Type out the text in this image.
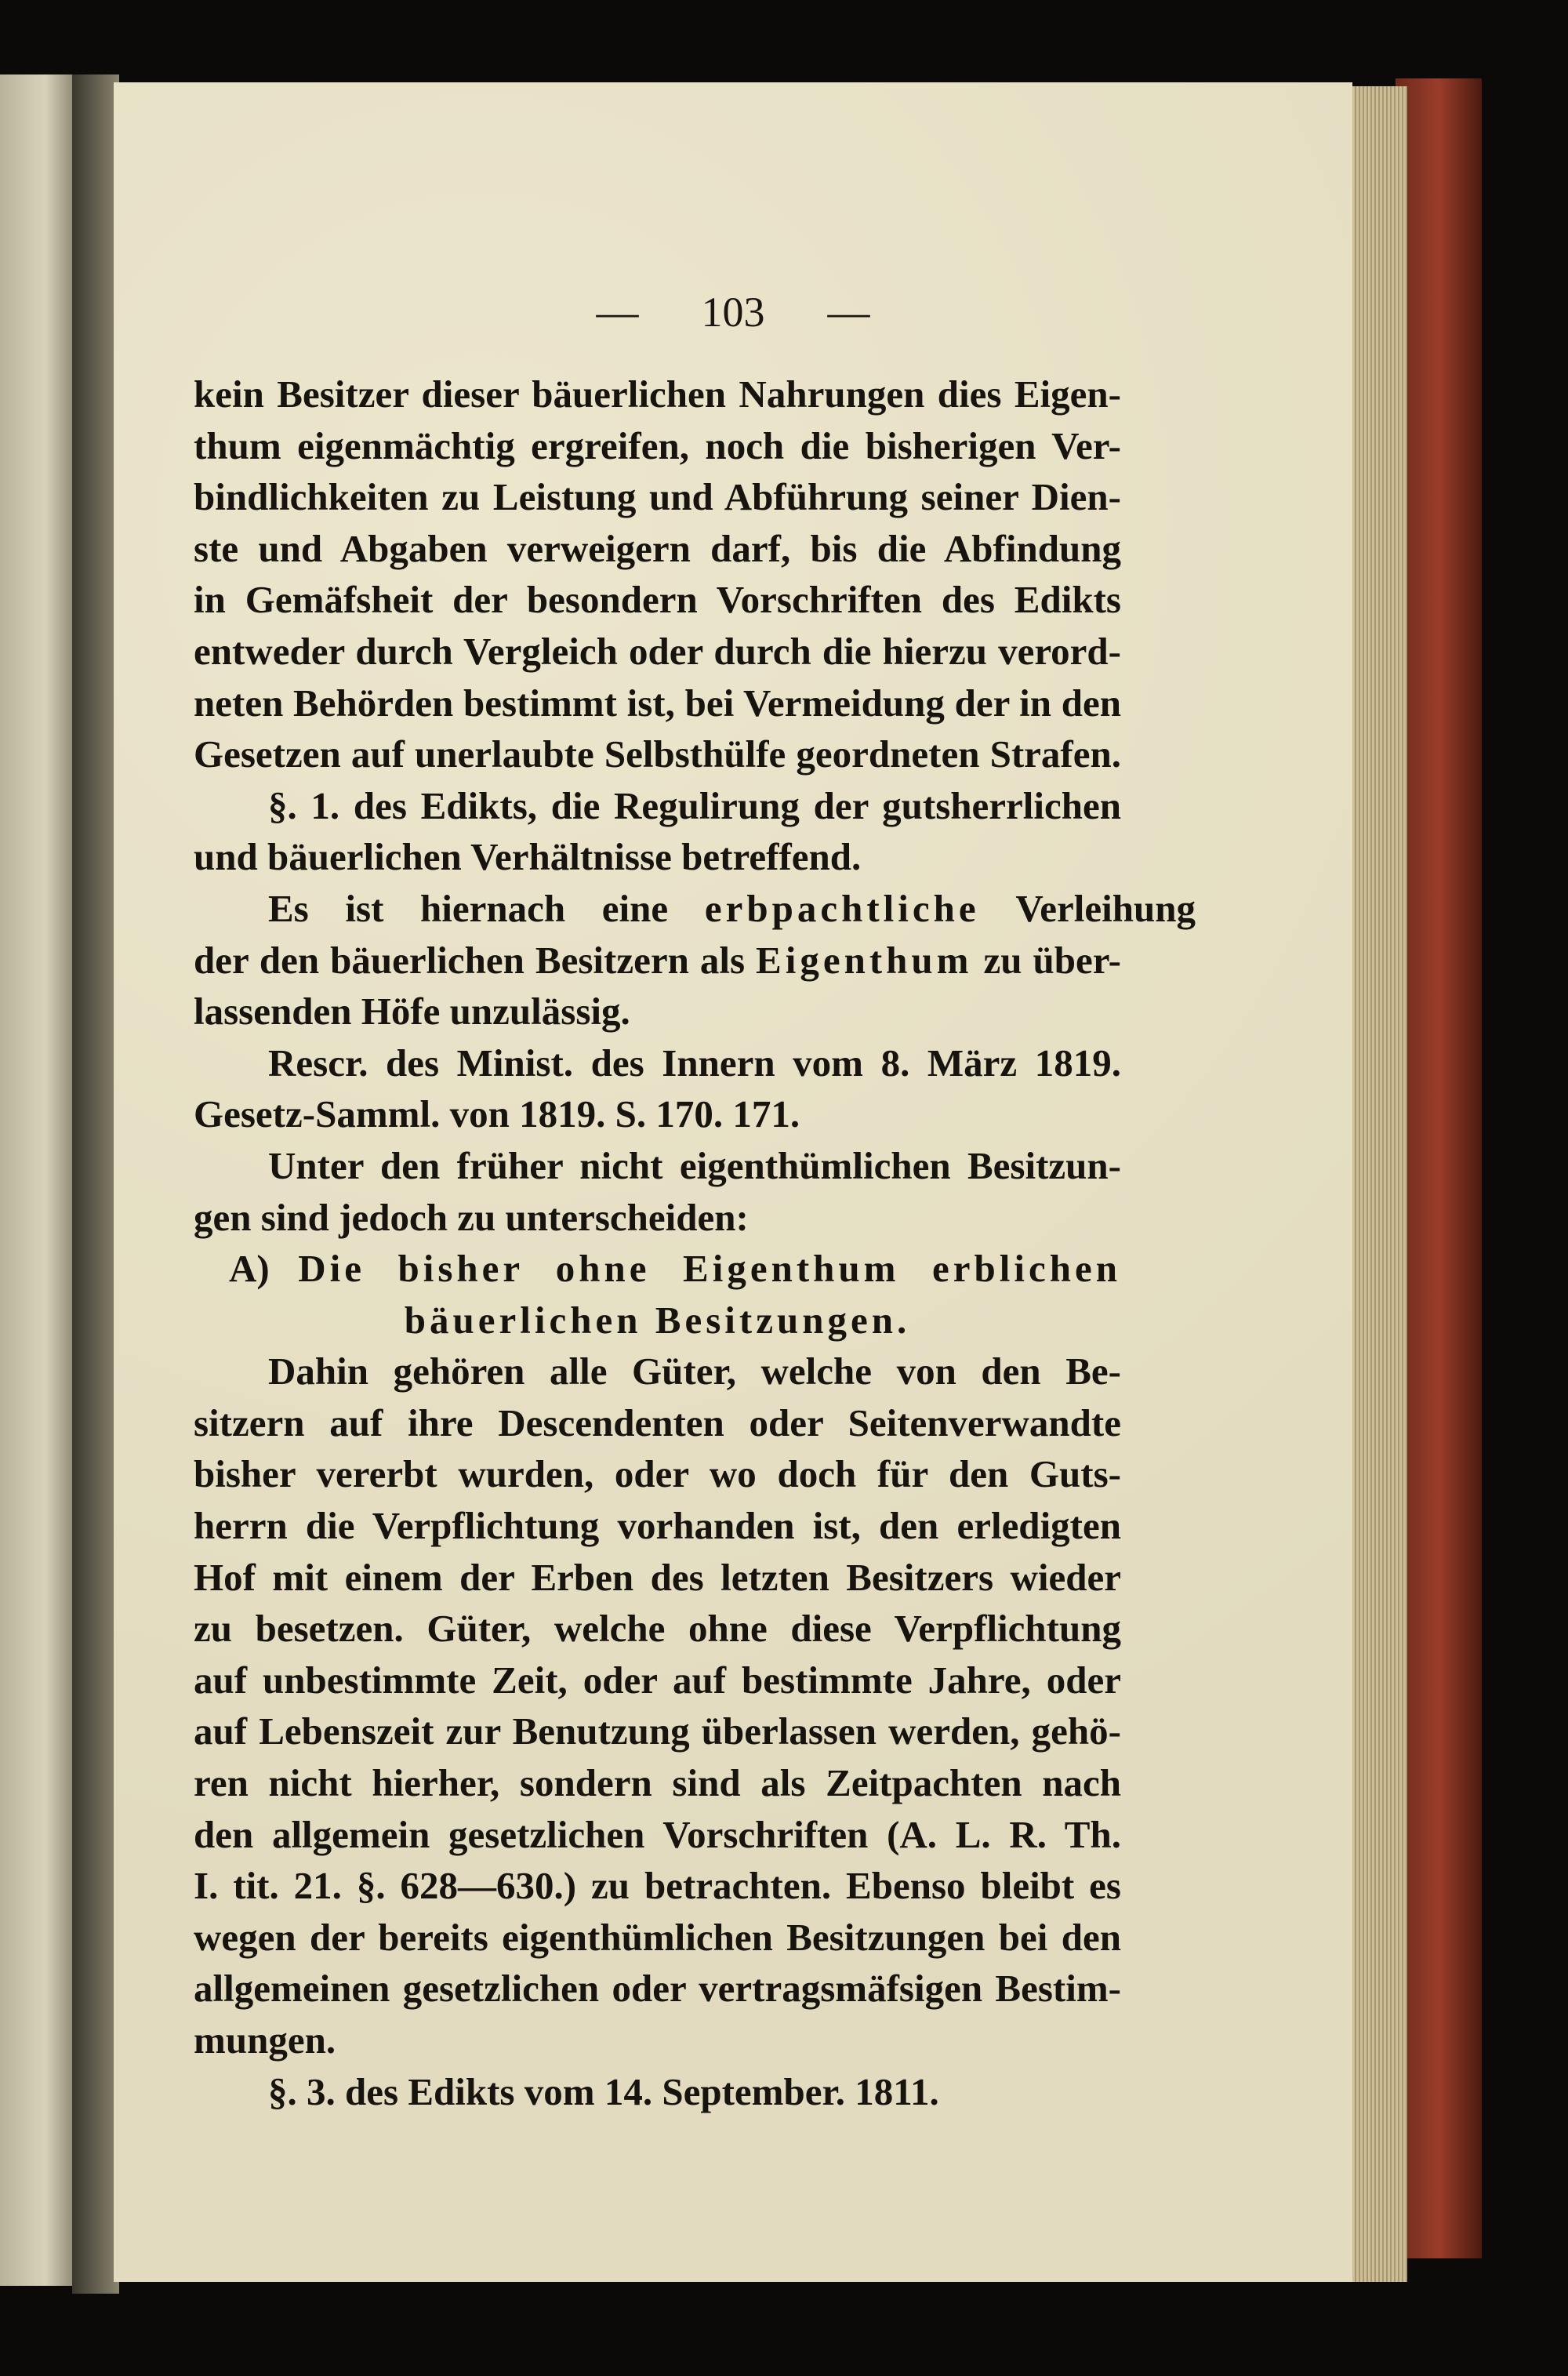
— 103 —
kein Besitzer dieser bäuerlichen Nahrungen dies Eigen-
thum eigenmächtig ergreifen, noch die bisherigen Ver-
bindlichkeiten zu Leistung und Abführung seiner Dien-
ste und Abgaben verweigern darf, bis die Abfindung
in Gemäfsheit der besondern Vorschriften des Edikts
entweder durch Vergleich oder durch die hierzu verord-
neten Behörden bestimmt ist, bei Vermeidung der in den
Gesetzen auf unerlaubte Selbsthülfe geordneten Strafen.
§. 1. des Edikts, die Regulirung der gutsherrlichen
und bäuerlichen Verhältnisse betreffend.
Es ist hiernach eine erbpachtliche Verleihung
der den bäuerlichen Besitzern als Eigenthum zu über-
lassenden Höfe unzulässig.
Rescr. des Minist. des Innern vom 8. März 1819.
Gesetz-Samml. von 1819. S. 170. 171.
Unter den früher nicht eigenthümlichen Besitzun-
gen sind jedoch zu unterscheiden:
A) Die bisher ohne Eigenthum erblichen
bäuerlichen Besitzungen.
Dahin gehören alle Güter, welche von den Be-
sitzern auf ihre Descendenten oder Seitenverwandte
bisher vererbt wurden, oder wo doch für den Guts-
herrn die Verpflichtung vorhanden ist, den erledigten
Hof mit einem der Erben des letzten Besitzers wieder
zu besetzen. Güter, welche ohne diese Verpflichtung
auf unbestimmte Zeit, oder auf bestimmte Jahre, oder
auf Lebenszeit zur Benutzung überlassen werden, gehö-
ren nicht hierher, sondern sind als Zeitpachten nach
den allgemein gesetzlichen Vorschriften (A. L. R. Th.
I. tit. 21. §. 628—630.) zu betrachten. Ebenso bleibt es
wegen der bereits eigenthümlichen Besitzungen bei den
allgemeinen gesetzlichen oder vertragsmäfsigen Bestim-
mungen.
§. 3. des Edikts vom 14. September. 1811.
